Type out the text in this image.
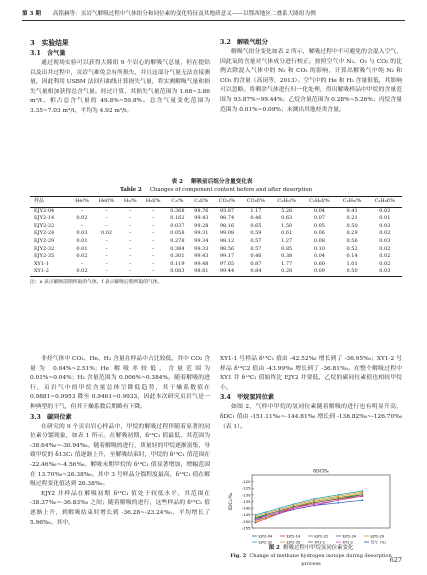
第 3 期 高铭赫等：页岩气解吸过程中气体组分和同位素的变化特征及其地质意义——以鄂西地区二叠系大隆组为例

3　实验结果

3.1　含气量

通过现场实验可以获得大隆组 9 个岩心的解吸气总量，但在提钻以及出井过程中，页岩气难免会有所损失，并且这部分气量无法直接测量，因此利用 USBM 法回归曲线计算损失气量，将实测解吸气量和损失气量相加获得总含气量。经过计算，其损失气量范围为 1.68~3.86 m³/t。相占总含气量的 49.8%~59.8%。总含气量变化范围为 3.35~7.03 m³/t，平均为 4.92 m³/t。

3.2　解吸气组分

解吸气组分变化如表 2 所示，解吸过程中不可避免的会混入空气，因此氧的含量对气体成分进行校正。按照空气中 N₂、O₂ 与 CO₂ 的比例去除混入气体中的 N₂ 和 CO₂ 的影响，计算出解吸气中纯 N₂ 和 CO₂ 的含量（高岗等，2013）。空气中的 He 和 H₂ 含量很低，其影响可以忽略。将剩余气体进行归一化处理，得出解吸样品中甲烷的含量范围为 93.87%~99.44%；乙烷含量范围为 0.28%~5.26%；丙烷含量范围为 0.01%~0.09%；未测出其他烃类含量。

表 2 解吸前后组分含量变化表
Table 2 Changes of component content before and after desorption
样品	He/%	Hef/%	H₂/%	H₂f/%	C₁/%	C₁f/%	CO₂/%	CO₂f/%	C₂H₆/%	C₂H₆f/%	C₃H₈/%	C₃H₈f/%
EJY2-04	–	–	–	–	0.368	98.76	93.87	1.17	5.26	0.04	0.41	0.02
EJY2-14	0.02	–	–	–	0.162	99.43	98.74	0.46	0.63	0.07	0.21	0.01
EJY2-22	–	–	–	–	0.037	99.28	98.16	0.65	1.50	0.05	0.50	0.03
EJY2-24	0.03	0.02	–	–	0.058	99.31	99.08	0.59	0.61	0.06	0.29	0.02
EJY2-29	0.01	–	–	–	0.278	99.34	98.12	0.57	1.27	0.08	0.56	0.03
EJY2-32	0.01	–	–	–	0.384	99.33	98.56	0.57	0.85	0.10	0.52	0.02
EJY2-35	0.02	–	–	–	0.301	99.43	99.17	0.46	0.38	0.04	0.14	0.02
XY1-1	–	–	–	–	0.119	99.48	97.05	0.87	1.77	0.60	1.01	0.02
XY1-2	0.02	–	–	–	0.083	98.81	99.44	0.84	0.28	0.09	0.50	0.03
注：a 表示解吸前期所取的气体，f 表示解吸后期所取的气体。

非烃气体中 CO₂、He、H₂ 含量在样品中占比较低，其中 CO₂ 含量为 0.04%~2.51%；He 解吸率较低，含量范围为 0.01%~0.04%；H₂ 含量范围为 0.006%~0.384%。随着解吸的进行，页岩气中的甲烷含量总体呈降低趋势，其干燥系数值在 0.9881~0.9953 降至 0.9461~0.9933，因此本次研究页岩气是一种典型的干气，但其干燥系数后期略有下降。

3.3　碳同位素

在研究的 9 个页岩岩心样品中，甲烷的解吸过程伴随着显著的同位素分馏现象，如表 1 所示。在解吸初期，δ¹³C₁ 值最低，其范围为 -38.64‰~-30.94‰。随着解吸的进行，质量轻的甲烷逐渐富集，导致甲烷的 δ13C₁ 值逐渐上升，至解吸结束时，甲烷的 δ¹³C₁ 值范围在 -22.46‰~-4.56‰。解吸末期甲烷的 δ¹³C₁ 值显著增加，增幅范围在 13.70‰~26.38‰。其中 3 号样品分馏程度最高，δ¹³C₁ 值在解吸过程变化值达到 26.38‰。

EJY2 井样品在解吸初期 δ¹³C₁ 值处于较低水平，其范围在 -38.37‰~-36.83‰ 之间；随着解吸的进行，这些样品的 δ¹³C₁ 值逐渐上升，到解吸结束时增长到 -36.28~-23.24‰，平均增长了 5.96‰。其中，

XY1-1 号样品 δ¹³C₁ 值由 -42.52‰ 增长到了 -36.95‰；XY1-2 号样品 δ¹³C2 值由 -43.99‰ 增长到了 -36.81‰。在整个解吸过程中 XY1 井 δ¹³C₁ 值始终比 EJY2 井要低，乙烷的碳同位素值也相较甲烷小。

3.4　甲烷氢同位素

如图 2，气样中甲烷的氢同位素随着解吸的进行也有明显升高，δDC₁ 值由 -151.11‰~-144.81‰ 增长到 -138.82‰~-126.70‰（表 1）。

δDCH₄
δDC₁/‰
-120
-125
-130
-135
-140
-145
-150
-155
EJY2-04	EJY2-14	EJY2-22	EJY2-24	EJY2-29
EJY2-32	EJY2-35	XY1-1	XY1-2	氘气（%）
图 2 解吸过程中甲烷氢同位素变化
Fig. 2 Change of methane hydrogen isotope during desorption process	627
